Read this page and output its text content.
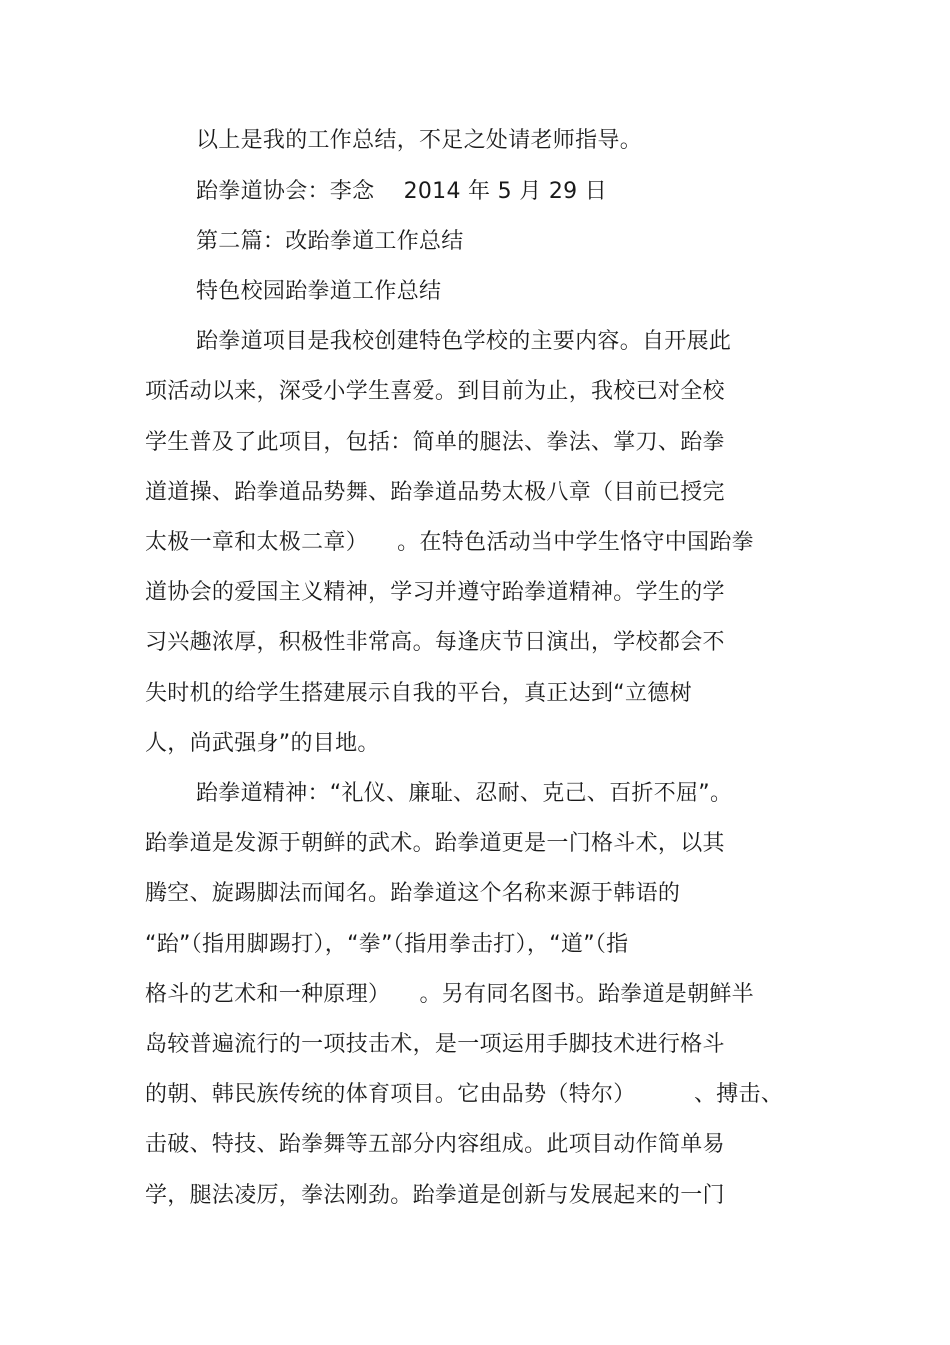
以上是我的工作总结，不足之处请老师指导。
跆拳道协会：李念    2014 年 5 月 29 日
第二篇：改跆拳道工作总结
特色校园跆拳道工作总结
跆拳道项目是我校创建特色学校的主要内容。自开展此
项活动以来，深受小学生喜爱。到目前为止，我校已对全校
学生普及了此项目，包括：简单的腿法、拳法、掌刀、跆拳
道道操、跆拳道品势舞、跆拳道品势太极八章（目前已授完
太极一章和太极二章）    。在特色活动当中学生恪守中国跆拳
道协会的爱国主义精神，学习并遵守跆拳道精神。学生的学
习兴趣浓厚，积极性非常高。每逢庆节日演出，学校都会不
失时机的给学生搭建展示自我的平台，真正达到“立德树
人，尚武强身”的目地。
跆拳道精神：“礼仪、廉耻、忍耐、克己、百折不屈”。
跆拳道是发源于朝鲜的武术。跆拳道更是一门格斗术，以其
腾空、旋踢脚法而闻名。跆拳道这个名称来源于韩语的
“跆”（指用脚踢打），“拳”（指用拳击打），“道”（指
格斗的艺术和一种原理）    。另有同名图书。跆拳道是朝鲜半
岛较普遍流行的一项技击术，是一项运用手脚技术进行格斗
的朝、韩民族传统的体育项目。它由品势（特尔）        、搏击、
击破、特技、跆拳舞等五部分内容组成。此项目动作简单易
学，腿法凌厉，拳法刚劲。跆拳道是创新与发展起来的一门
